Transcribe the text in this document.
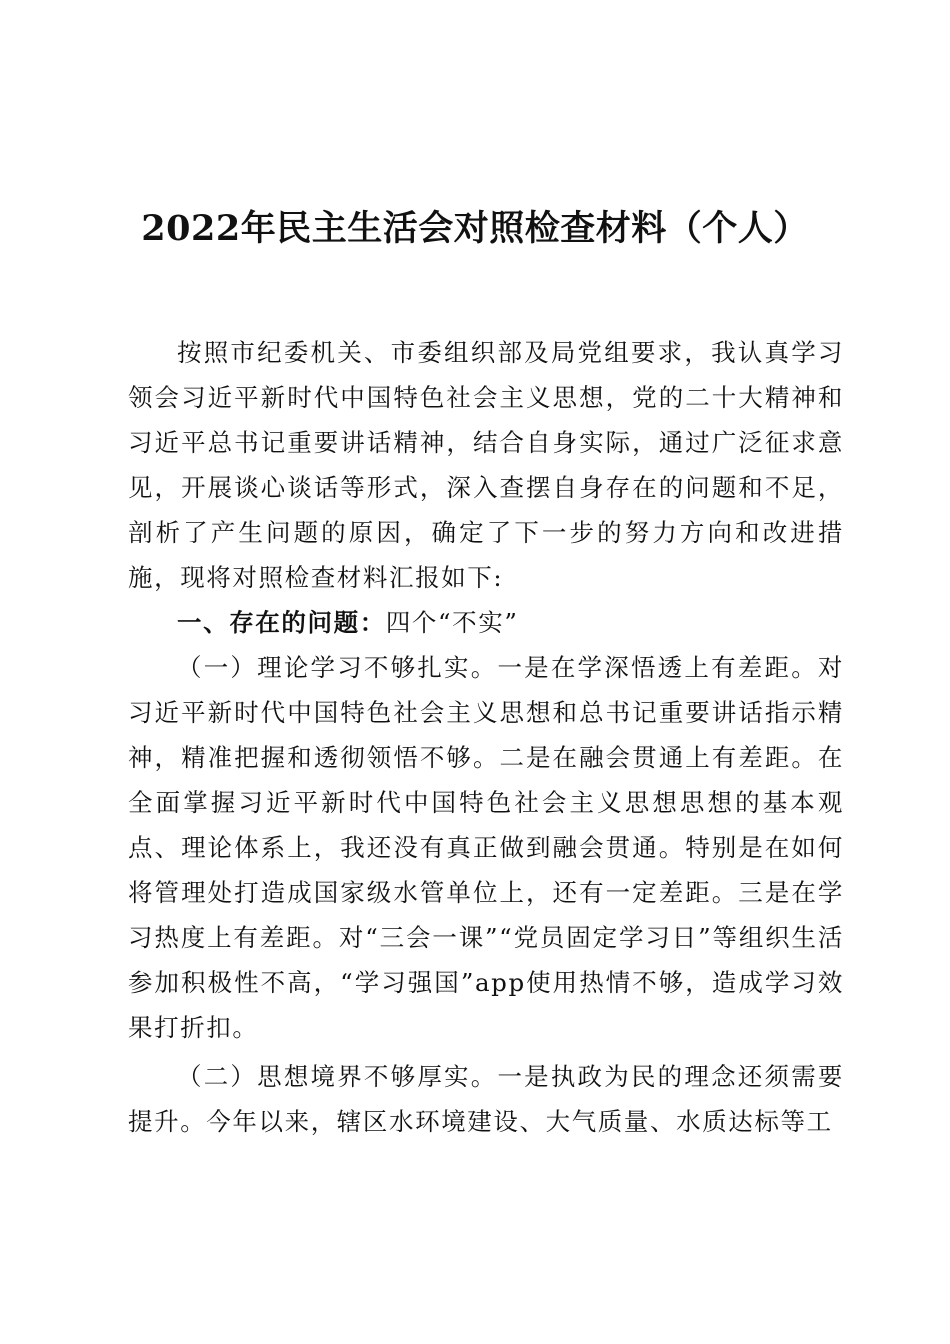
2022年民主生活会对照检查材料（个人）

按照市纪委机关、市委组织部及局党组要求，我认真学习领会习近平新时代中国特色社会主义思想，党的二十大精神和习近平总书记重要讲话精神，结合自身实际，通过广泛征求意见，开展谈心谈话等形式，深入查摆自身存在的问题和不足，剖析了产生问题的原因，确定了下一步的努力方向和改进措施，现将对照检查材料汇报如下:

一、存在的问题：四个“不实”

（一）理论学习不够扎实。一是在学深悟透上有差距。对习近平新时代中国特色社会主义思想和总书记重要讲话指示精神，精准把握和透彻领悟不够。二是在融会贯通上有差距。在全面掌握习近平新时代中国特色社会主义思想思想的基本观点、理论体系上，我还没有真正做到融会贯通。特别是在如何将管理处打造成国家级水管单位上，还有一定差距。三是在学习热度上有差距。对“三会一课”“党员固定学习日”等组织生活参加积极性不高，“学习强国”app使用热情不够，造成学习效果打折扣。

（二）思想境界不够厚实。一是执政为民的理念还须需要提升。今年以来，辖区水环境建设、大气质量、水质达标等工
